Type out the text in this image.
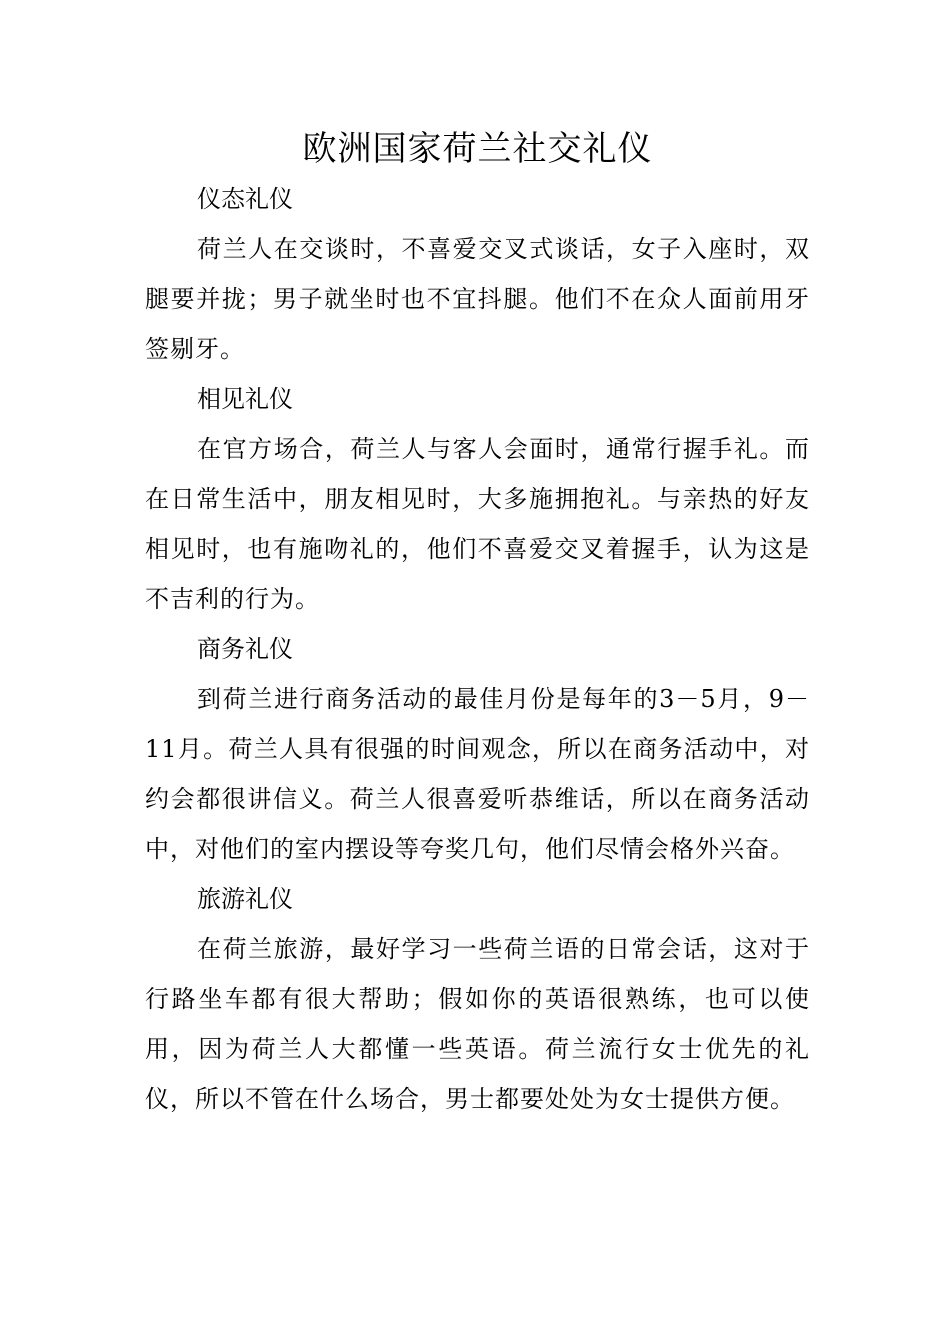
欧洲国家荷兰社交礼仪
仪态礼仪

荷兰人在交谈时，不喜爱交叉式谈话，女子入座时，双腿要并拢；男子就坐时也不宜抖腿。他们不在众人面前用牙签剔牙。

相见礼仪

在官方场合，荷兰人与客人会面时，通常行握手礼。而在日常生活中，朋友相见时，大多施拥抱礼。与亲热的好友相见时，也有施吻礼的，他们不喜爱交叉着握手，认为这是不吉利的行为。

商务礼仪

到荷兰进行商务活动的最佳月份是每年的3－5月，9－11月。荷兰人具有很强的时间观念，所以在商务活动中，对约会都很讲信义。荷兰人很喜爱听恭维话，所以在商务活动中，对他们的室内摆设等夸奖几句，他们尽情会格外兴奋。

旅游礼仪

在荷兰旅游，最好学习一些荷兰语的日常会话，这对于行路坐车都有很大帮助；假如你的英语很熟练，也可以使用，因为荷兰人大都懂一些英语。荷兰流行女士优先的礼仪，所以不管在什么场合，男士都要处处为女士提供方便。
